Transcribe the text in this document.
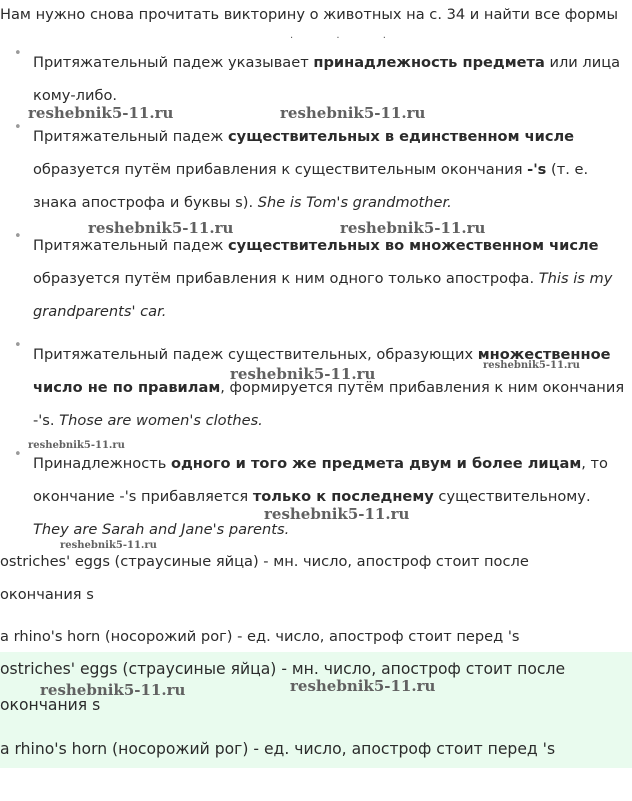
Нам нужно снова прочитать викторину о животных на с. 34 и найти все формы
. . .
•
Притяжательный падеж указывает принадлежность предмета или лица кому-либо.
•
Притяжательный падеж существительных в единственном числе образуется путём прибавления к существительным окончания -'s (т. е. знака апострофа и буквы s). She is Tom's grandmother.
•
Притяжательный падеж существительных во множественном числе образуется путём прибавления к ним одного только апострофа. This is my grandparents' car.
•
Притяжательный падеж существительных, образующих множественное число не по правилам, формируется путём прибавления к ним окончания -'s. Those are women's clothes.
•
Принадлежность одного и того же предмета двум и более лицам, то окончание -'s прибавляется только к последнему существительному. They are Sarah and Jane's parents.
ostriches' eggs (страусиные яйца) - мн. число, апостроф стоит после
окончания s
a rhino's horn (носорожий рог) - ед. число, апостроф стоит перед 's
ostriches' eggs (страусиные яйца) - мн. число, апостроф стоит после
окончания s
a rhino's horn (носорожий рог) - ед. число, апостроф стоит перед 's
reshebnik5-11.ru	reshebnik5-11.ru
reshebnik5-11.ru	reshebnik5-11.ru
reshebnik5-11.ru	reshebnik5-11.ru
reshebnik5-11.ru
reshebnik5-11.ru
reshebnik5-11.ru
reshebnik5-11.ru	reshebnik5-11.ru
